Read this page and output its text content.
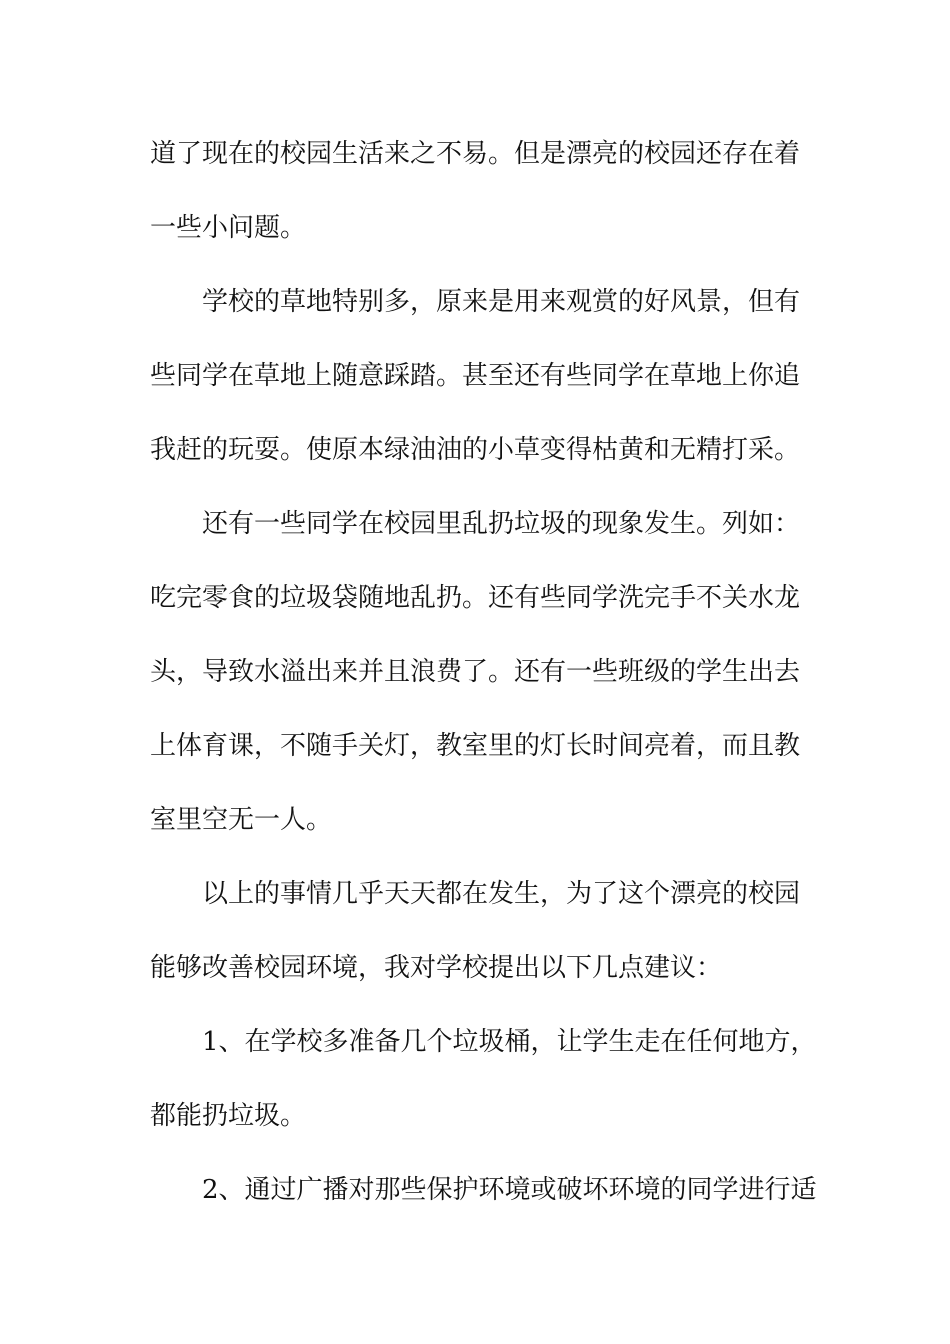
道了现在的校园生活来之不易。但是漂亮的校园还存在着
一些小问题。
学校的草地特别多，原来是用来观赏的好风景，但有
些同学在草地上随意踩踏。甚至还有些同学在草地上你追
我赶的玩耍。使原本绿油油的小草变得枯黄和无精打采。
还有一些同学在校园里乱扔垃圾的现象发生。列如：
吃完零食的垃圾袋随地乱扔。还有些同学洗完手不关水龙
头，导致水溢出来并且浪费了。还有一些班级的学生出去
上体育课，不随手关灯，教室里的灯长时间亮着，而且教
室里空无一人。
以上的事情几乎天天都在发生，为了这个漂亮的校园
能够改善校园环境，我对学校提出以下几点建议：
1、在学校多准备几个垃圾桶，让学生走在任何地方，
都能扔垃圾。
2、通过广播对那些保护环境或破坏环境的同学进行适
